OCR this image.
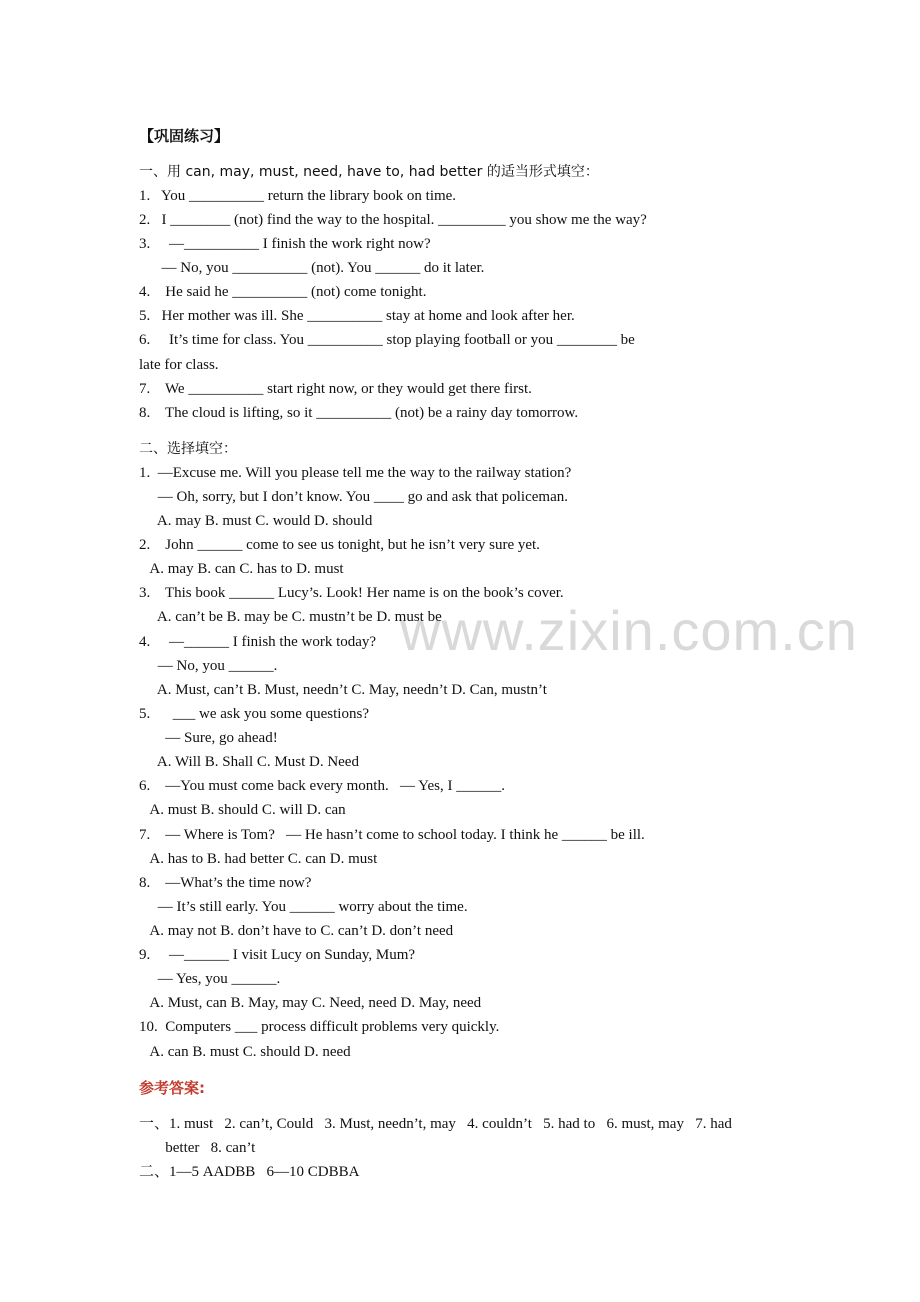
www.zixin.com.cn
【巩固练习】
一、用 can, may, must, need, have to, had better 的适当形式填空：
1.   You __________ return the library book on time.
2.   I ________ (not) find the way to the hospital. _________ you show me the way?
3.     —__________ I finish the work right now?
— No, you __________ (not). You ______ do it later.
4.    He said he __________ (not) come tonight.
5.   Her mother was ill. She __________ stay at home and look after her.
6.     It’s time for class. You __________ stop playing football or you ________ be
late for class.
7.    We __________ start right now, or they would get there first.
8.    The cloud is lifting, so it __________ (not) be a rainy day tomorrow.
二、选择填空：
1.  —Excuse me. Will you please tell me the way to the railway station?
— Oh, sorry, but I don’t know. You ____ go and ask that policeman.
A. may B. must C. would D. should
2.    John ______ come to see us tonight, but he isn’t very sure yet.
A. may B. can C. has to D. must
3.    This book ______ Lucy’s. Look! Her name is on the book’s cover.
A. can’t be B. may be C. mustn’t be D. must be
4.     —______ I finish the work today?
— No, you ______.
A. Must, can’t B. Must, needn’t C. May, needn’t D. Can, mustn’t
5.      ___ we ask you some questions?
— Sure, go ahead!
A. Will B. Shall C. Must D. Need
6.    —You must come back every month.   — Yes, I ______.
A. must B. should C. will D. can
7.    — Where is Tom?   — He hasn’t come to school today. I think he ______ be ill.
A. has to B. had better C. can D. must
8.    —What’s the time now?
— It’s still early. You ______ worry about the time.
A. may not B. don’t have to C. can’t D. don’t need
9.     —______ I visit Lucy on Sunday, Mum?
— Yes, you ______.
A. Must, can B. May, may C. Need, need D. May, need
10.  Computers ___ process difficult problems very quickly.
A. can B. must C. should D. need
参考答案:
一、1. must   2. can’t, Could   3. Must, needn’t, may   4. couldn’t   5. had to   6. must, may   7. had
better   8. can’t
二、1—5 AADBB   6—10 CDBBA
